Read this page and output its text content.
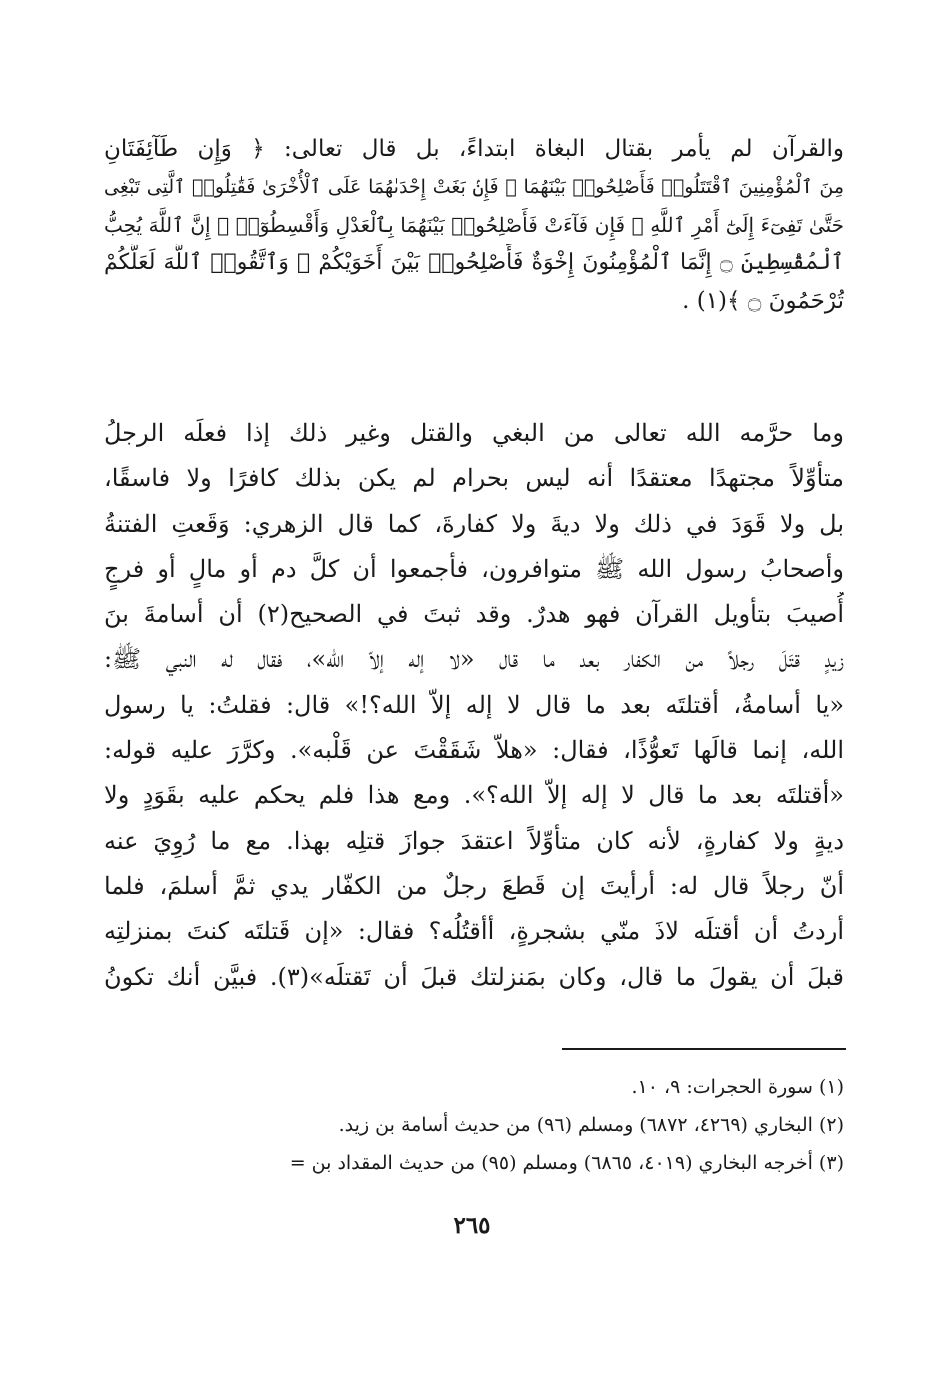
والقرآن لم يأمر بقتال البغاة ابتداءً، بل قال تعالى: ﴿ وَإِن طَآئِفَتَانِ
مِنَ ٱلْمُؤْمِنِينَ ٱقْتَتَلُوا۟ فَأَصْلِحُوا۟ بَيْنَهُمَا ۖ فَإِنۢ بَغَتْ إِحْدَىٰهُمَا عَلَى ٱلْأُخْرَىٰ فَقَٰتِلُوا۟ ٱلَّتِى تَبْغِى
حَتَّىٰ تَفِىٓءَ إِلَىٰٓ أَمْرِ ٱللَّهِ ۚ فَإِن فَآءَتْ فَأَصْلِحُوا۟ بَيْنَهُمَا بِٱلْعَدْلِ وَأَقْسِطُوٓا۟ ۖ إِنَّ ٱللَّهَ يُحِبُّ
ٱلْمُقْسِطِينَ ۝ إِنَّمَا ٱلْمُؤْمِنُونَ إِخْوَةٌ فَأَصْلِحُوا۟ بَيْنَ أَخَوَيْكُمْ ۚ وَٱتَّقُوا۟ ٱللَّهَ لَعَلَّكُمْ
تُرْحَمُونَ ۝ ﴾(١) .
وما حرَّمه الله تعالى من البغي والقتل وغير ذلك إذا فعلَه الرجلُ
متأوِّلاً مجتهدًا معتقدًا أنه ليس بحرام لم يكن بذلك كافرًا ولا فاسقًا،
بل ولا قَوَدَ في ذلك ولا ديةَ ولا كفارةَ، كما قال الزهري: وَقَعتِ الفتنةُ
وأصحابُ رسول الله ﷺ متوافرون، فأجمعوا أن كلَّ دم أو مالٍ أو فرجٍ
أُصيبَ بتأويل القرآن فهو هدرٌ. وقد ثبتَ في الصحيح(٢) أن أسامةَ بنَ
زيدٍ قتَلَ رجلاً من الكفار بعد ما قال «لا إله إلاّ الله»، فقال له النبي ﷺ:
«يا أسامةُ، أقتلتَه بعد ما قال لا إله إلاّ الله؟!» قال: فقلتُ: يا رسول
الله، إنما قالَها تَعوُّذًا، فقال: «هلاّ شَقَقْتَ عن قَلْبه». وكرَّرَ عليه قوله:
«أقتلتَه بعد ما قال لا إله إلاّ الله؟». ومع هذا فلم يحكم عليه بقَوَدٍ ولا
ديةٍ ولا كفارةٍ، لأنه كان متأوِّلاً اعتقدَ جوازَ قتلِه بهذا. مع ما رُوِيَ عنه
أنّ رجلاً قال له: أرأيتَ إن قَطعَ رجلٌ من الكفّار يدي ثمَّ أسلمَ، فلما
أردتُ أن أقتلَه لاذَ منّي بشجرةٍ، أأقتُلُه؟ فقال: «إن قَتلتَه كنتَ بمنزلتِه
قبلَ أن يقولَ ما قال، وكان بمَنزلتك قبلَ أن تَقتلَه»(٣). فبيَّن أنك تكونُ
(١) سورة الحجرات: ٩، ١٠.
(٢) البخاري (٤٢٦٩، ٦٨٧٢) ومسلم (٩٦) من حديث أسامة بن زيد.
(٣) أخرجه البخاري (٤٠١٩، ٦٨٦٥) ومسلم (٩٥) من حديث المقداد بن =
٢٦٥
